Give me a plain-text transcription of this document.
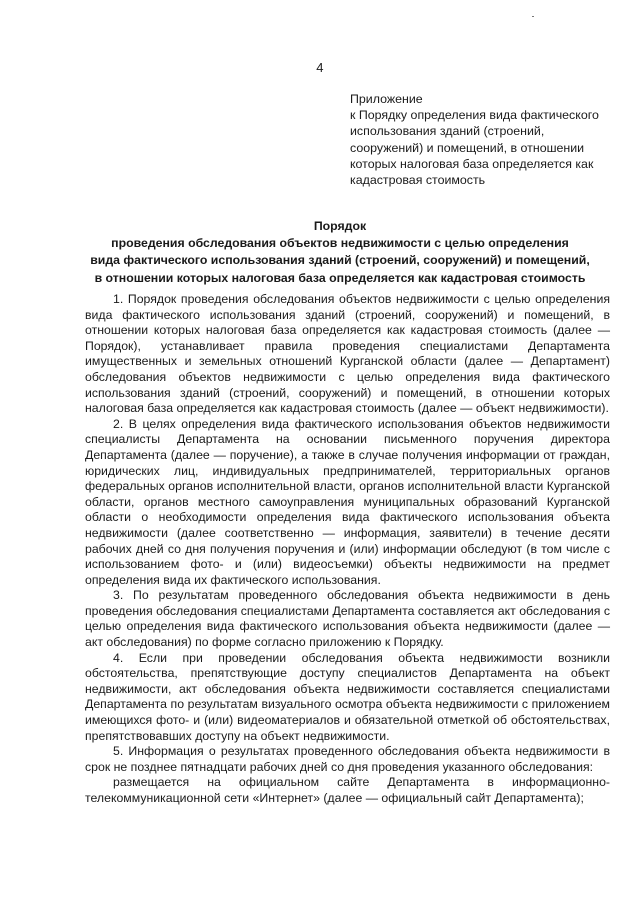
4
Приложение
к Порядку определения вида фактического
использования зданий (строений,
сооружений) и помещений, в отношении
которых налоговая база определяется как
кадастровая стоимость
Порядок
проведения обследования объектов недвижимости с целью определения
вида фактического использования зданий (строений, сооружений) и помещений,
в отношении которых налоговая база определяется как кадастровая стоимость

1. Порядок проведения обследования объектов недвижимости с целью определения вида фактического использования зданий (строений, сооружений) и помещений, в отношении которых налоговая база определяется как кадастровая стоимость (далее — Порядок), устанавливает правила проведения специалистами Департамента имущественных и земельных отношений Курганской области (далее — Департамент) обследования объектов недвижимости с целью определения вида фактического использования зданий (строений, сооружений) и помещений, в отношении которых налоговая база определяется как кадастровая стоимость (далее — объект недвижимости).

2. В целях определения вида фактического использования объектов недвижимости специалисты Департамента на основании письменного поручения директора Департамента (далее — поручение), а также в случае получения информации от граждан, юридических лиц, индивидуальных предпринимателей, территориальных органов федеральных органов исполнительной власти, органов исполнительной власти Курганской области, органов местного самоуправления муниципальных образований Курганской области о необходимости определения вида фактического использования объекта недвижимости (далее соответственно — информация, заявители) в течение десяти рабочих дней со дня получения поручения и (или) информации обследуют (в том числе с использованием фото- и (или) видеосъемки) объекты недвижимости на предмет определения вида их фактического использования.

3. По результатам проведенного обследования объекта недвижимости в день проведения обследования специалистами Департамента составляется акт обследования с целью определения вида фактического использования объекта недвижимости (далее — акт обследования) по форме согласно приложению к Порядку.

4. Если при проведении обследования объекта недвижимости возникли обстоятельства, препятствующие доступу специалистов Департамента на объект недвижимости, акт обследования объекта недвижимости составляется специалистами Департамента по результатам визуального осмотра объекта недвижимости с приложением имеющихся фото- и (или) видеоматериалов и обязательной отметкой об обстоятельствах, препятствовавших доступу на объект недвижимости.

5. Информация о результатах проведенного обследования объекта недвижимости в срок не позднее пятнадцати рабочих дней со дня проведения указанного обследования:

размещается на официальном сайте Департамента в информационно-телекоммуникационной сети «Интернет» (далее — официальный сайт Департамента);
